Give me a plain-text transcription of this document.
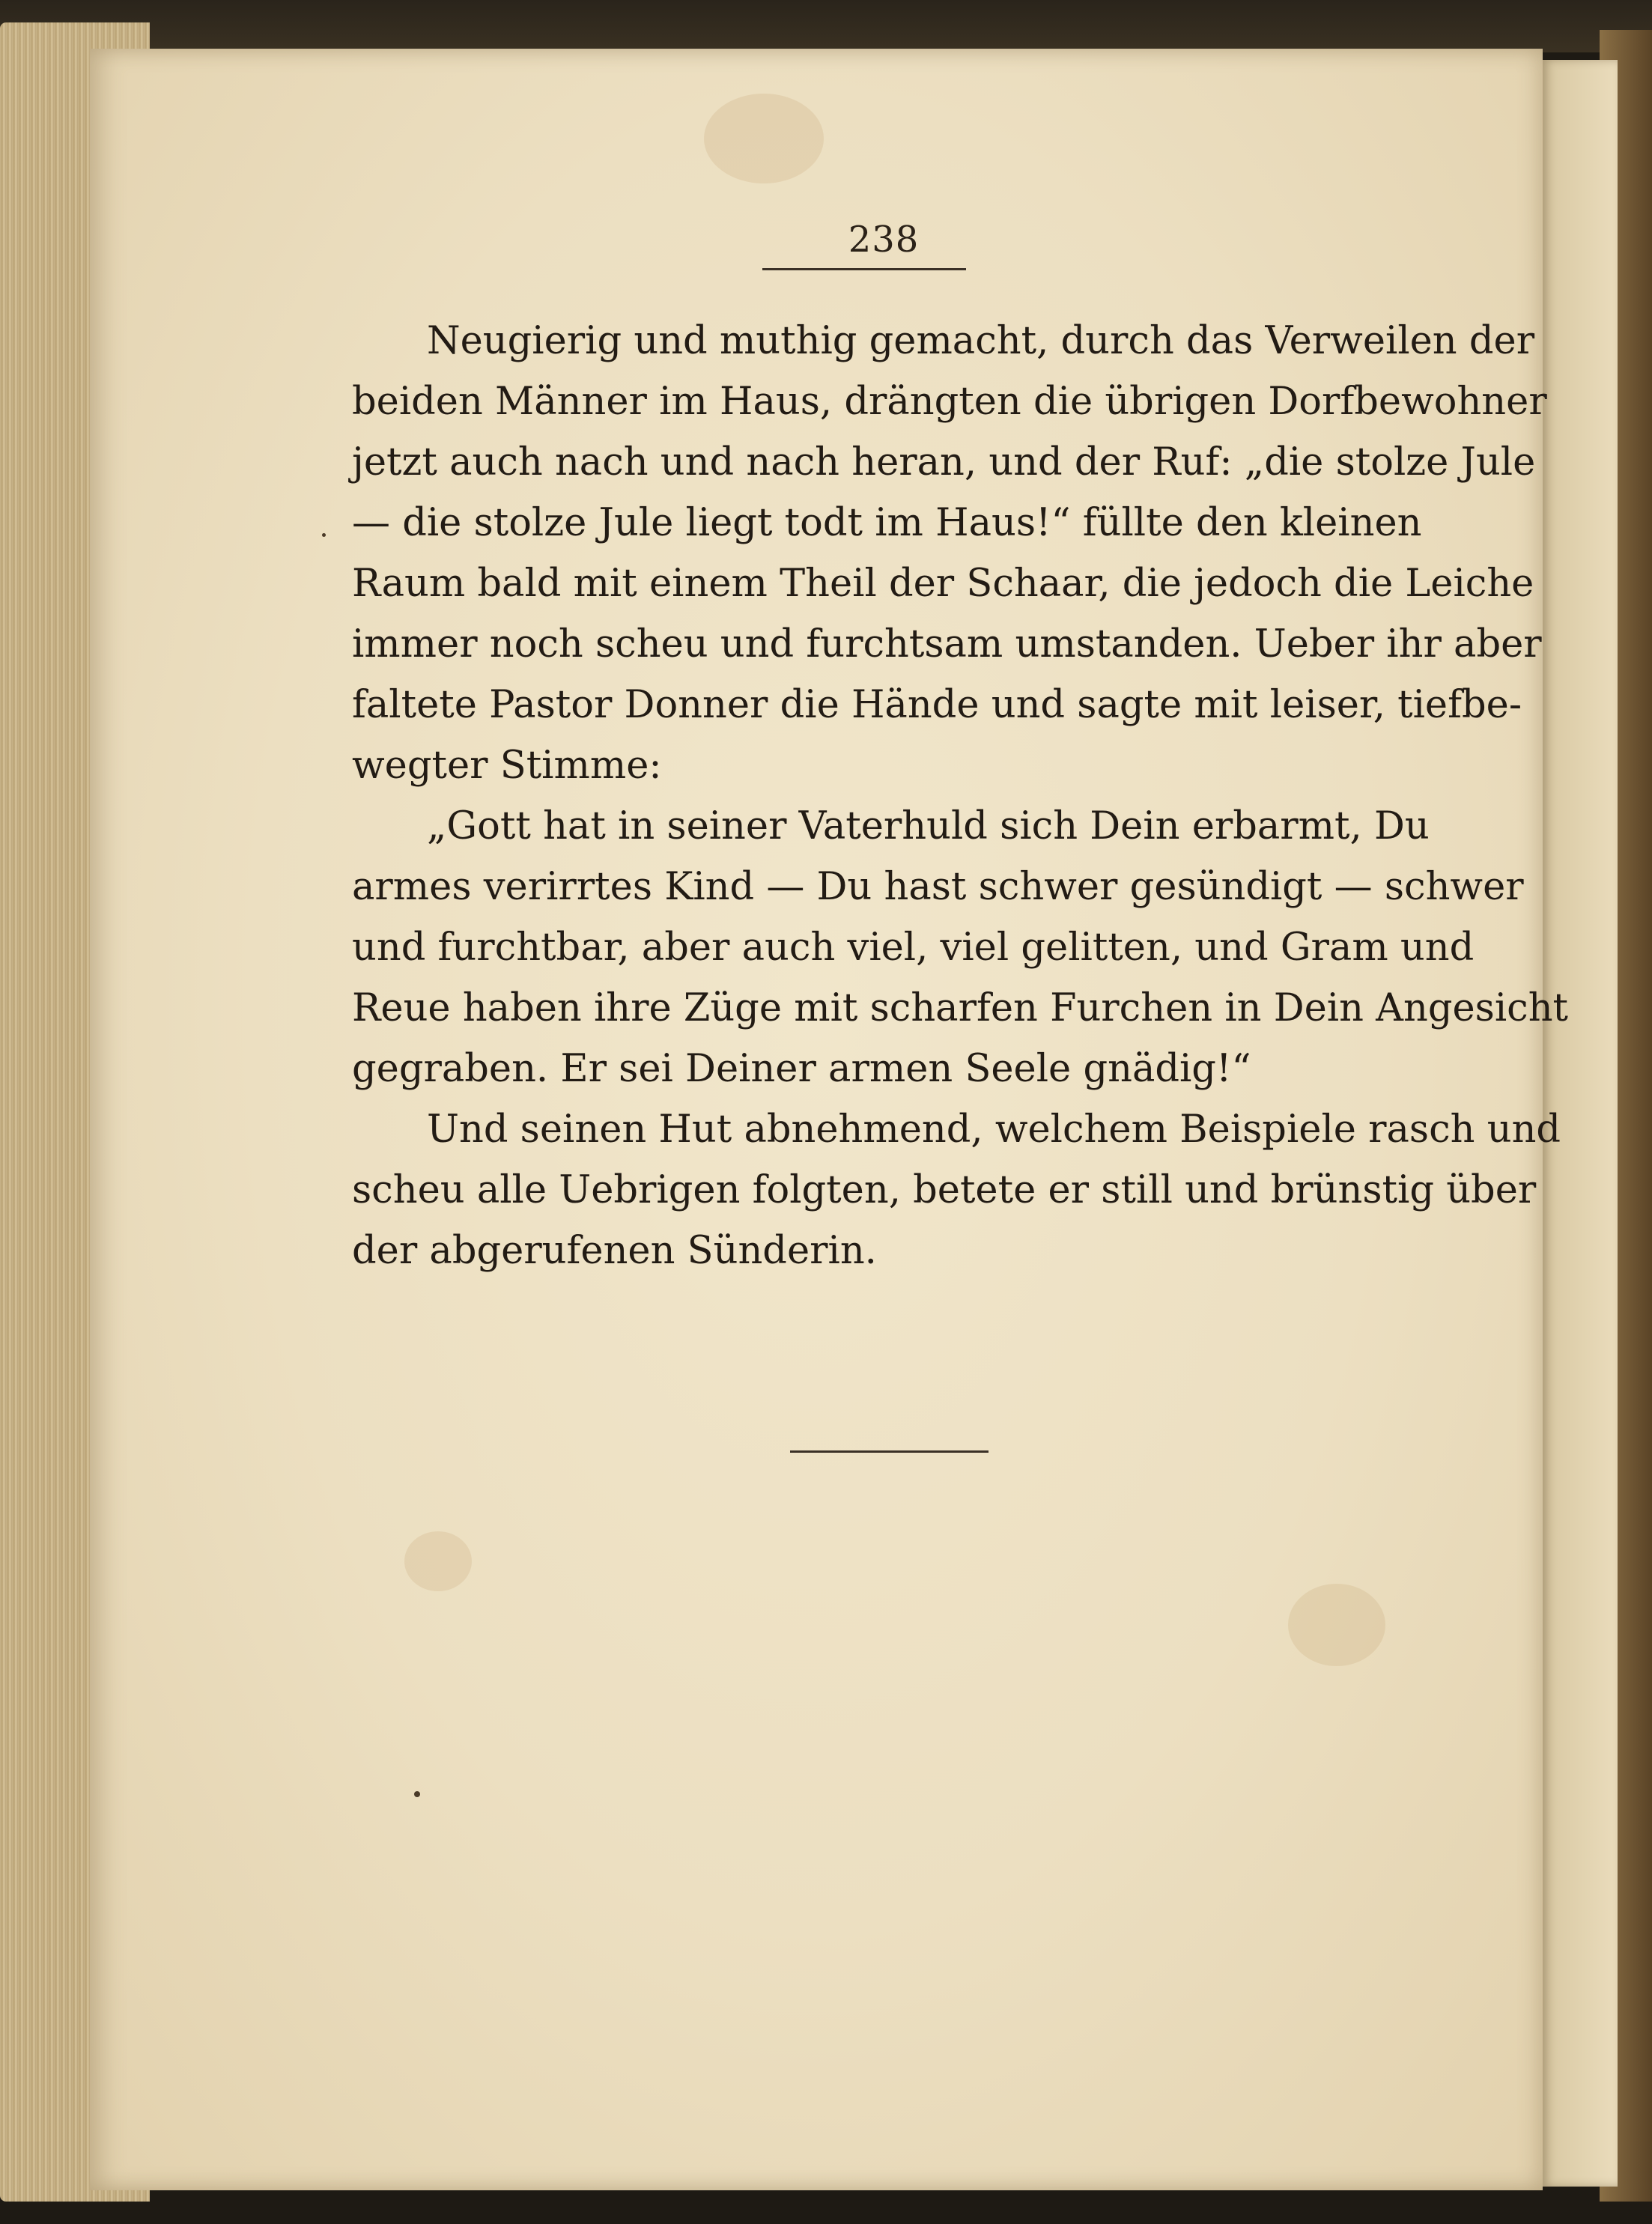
238
Neugierig und muthig gemacht, durch das Verweilen der
beiden Männer im Haus, drängten die übrigen Dorfbewohner
jetzt auch nach und nach heran, und der Ruf: „die stolze Jule
— die stolze Jule liegt todt im Haus!“ füllte den kleinen
Raum bald mit einem Theil der Schaar, die jedoch die Leiche
immer noch scheu und furchtsam umstanden. Ueber ihr aber
faltete Pastor Donner die Hände und sagte mit leiser, tiefbe-
wegter Stimme:
„Gott hat in seiner Vaterhuld sich Dein erbarmt, Du
armes verirrtes Kind — Du hast schwer gesündigt — schwer
und furchtbar, aber auch viel, viel gelitten, und Gram und
Reue haben ihre Züge mit scharfen Furchen in Dein Angesicht
gegraben. Er sei Deiner armen Seele gnädig!“
Und seinen Hut abnehmend, welchem Beispiele rasch und
scheu alle Uebrigen folgten, betete er still und brünstig über
der abgerufenen Sünderin.
